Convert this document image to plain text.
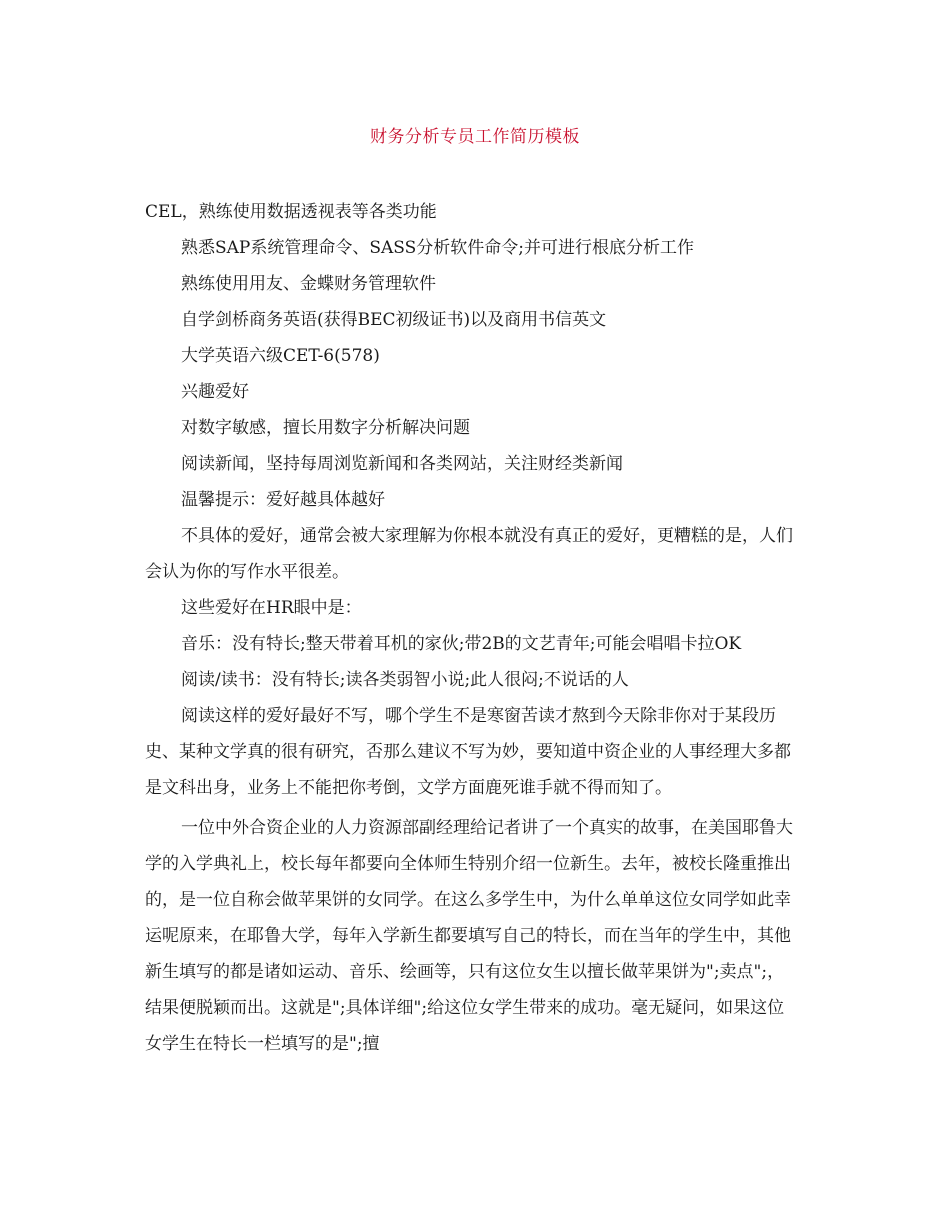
财务分析专员工作简历模板

CEL，熟练使用数据透视表等各类功能

熟悉SAP系统管理命令、SASS分析软件命令;并可进行根底分析工作

熟练使用用友、金蝶财务管理软件

自学剑桥商务英语(获得BEC初级证书)以及商用书信英文

大学英语六级CET-6(578)

兴趣爱好

对数字敏感，擅长用数字分析解决问题

阅读新闻，坚持每周浏览新闻和各类网站，关注财经类新闻

温馨提示：爱好越具体越好

不具体的爱好，通常会被大家理解为你根本就没有真正的爱好，更糟糕的是，人们会认为你的写作水平很差。

这些爱好在HR眼中是：

音乐：没有特长;整天带着耳机的家伙;带2B的文艺青年;可能会唱唱卡拉OK

阅读/读书：没有特长;读各类弱智小说;此人很闷;不说话的人

阅读这样的爱好最好不写，哪个学生不是寒窗苦读才熬到今天除非你对于某段历史、某种文学真的很有研究，否那么建议不写为妙，要知道中资企业的人事经理大多都是文科出身，业务上不能把你考倒，文学方面鹿死谁手就不得而知了。

一位中外合资企业的人力资源部副经理给记者讲了一个真实的故事，在美国耶鲁大学的入学典礼上，校长每年都要向全体师生特别介绍一位新生。去年，被校长隆重推出的，是一位自称会做苹果饼的女同学。在这么多学生中，为什么单单这位女同学如此幸运呢原来，在耶鲁大学，每年入学新生都要填写自己的特长，而在当年的学生中，其他新生填写的都是诸如运动、音乐、绘画等，只有这位女生以擅长做苹果饼为";卖点";，结果便脱颖而出。这就是";具体详细";给这位女学生带来的成功。毫无疑问，如果这位女学生在特长一栏填写的是";擅
